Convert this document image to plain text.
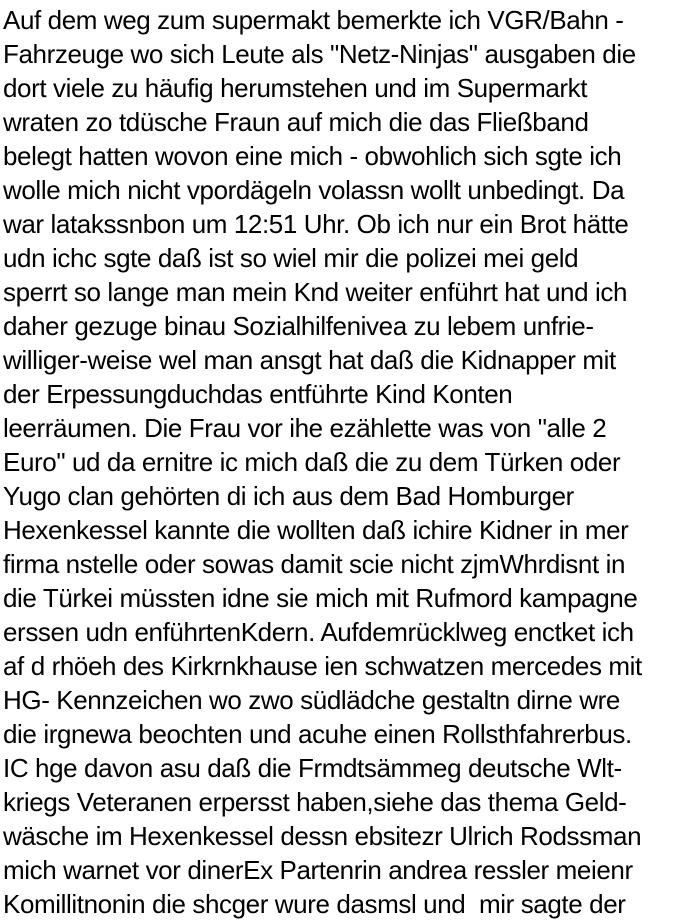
Auf dem weg zum supermakt bemerkte ich VGR/Bahn -
Fahrzeuge wo sich Leute als "Netz-Ninjas" ausgaben die
dort viele zu häufig herumstehen und im Supermarkt
wraten zo tdüsche Fraun auf mich die das Fließband
belegt hatten wovon eine mich - obwohlich sich sgte ich
wolle mich nicht vpordägeln volassn wollt unbedingt. Da
war latakssnbon um 12:51 Uhr. Ob ich nur ein Brot hätte
udn ichc sgte daß ist so wiel mir die polizei mei geld
sperrt so lange man mein Knd weiter enführt hat und ich
daher gezuge binau Sozialhilfenivea zu lebem unfrie-
williger-weise wel man ansgt hat daß die Kidnapper mit
der Erpessungduchdas entführte Kind Konten
leerräumen. Die Frau vor ihe ezählette was von "alle 2
Euro" ud da ernitre ic mich daß die zu dem Türken oder
Yugo clan gehörten di ich aus dem Bad Homburger
Hexenkessel kannte die wollten daß ichire Kidner in mer
firma nstelle oder sowas damit scie nicht zjmWhrdisnt in
die Türkei müssten idne sie mich mit Rufmord kampagne
erssen udn enführtenKdern. Aufdemrücklweg enctket ich
af d rhöeh des Kirkrnkhause ien schwatzen mercedes mit
HG- Kennzeichen wo zwo südlädche gestaltn dirne wre
die irgnewa beochten und acuhe einen Rollsthfahrerbus.
IC hge davon asu daß die Frmdtsämmeg deutsche Wlt-
kriegs Veteranen erpersst haben,siehe das thema Geld-
wäsche im Hexenkessel dessn ebsitezr Ulrich Rodssman
mich warnet vor dinerEx Partenrin andrea ressler meienr
Komillitnonin die shcger wure dasmsl und  mir sagte der
